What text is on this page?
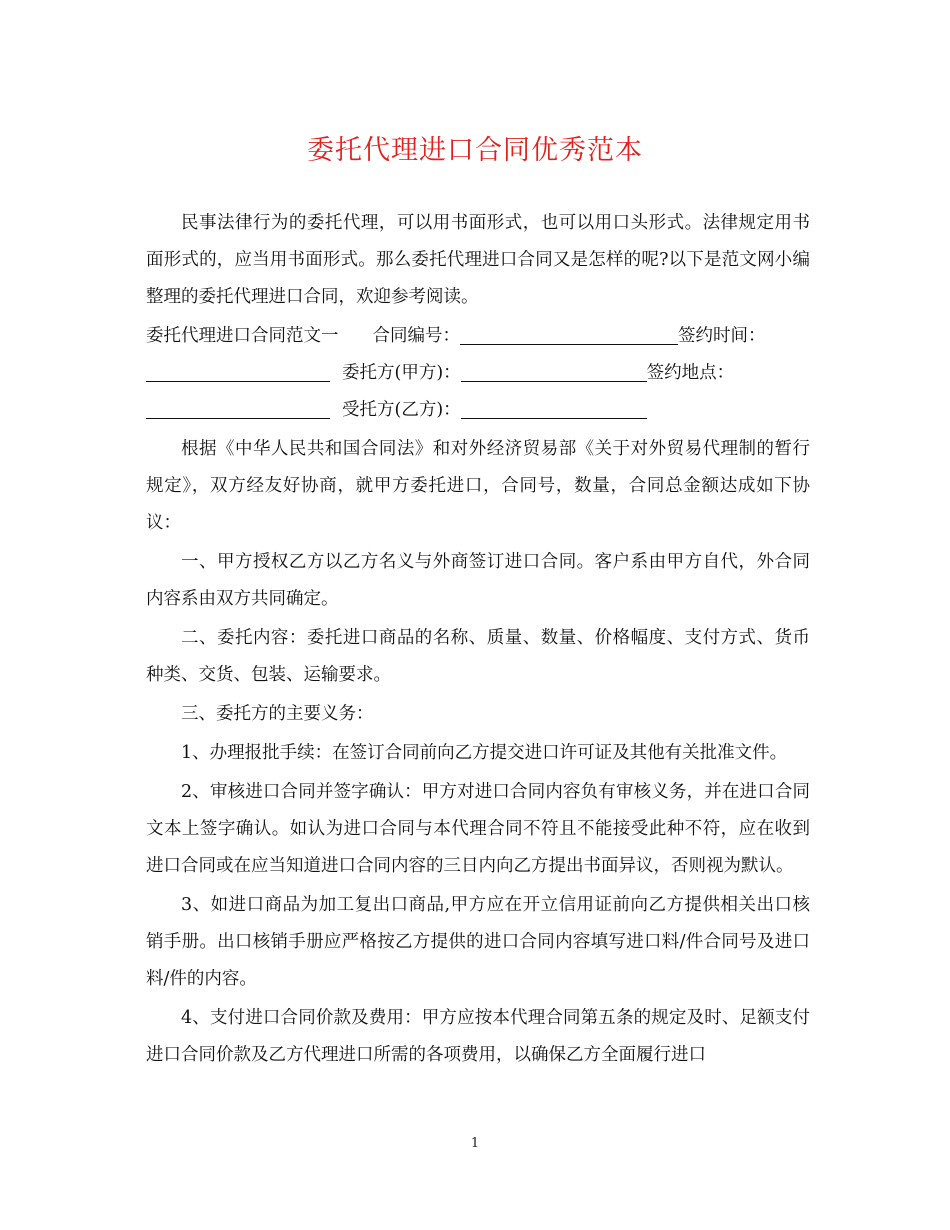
委托代理进口合同优秀范本

民事法律行为的委托代理，可以用书面形式，也可以用口头形式。法律规定用书面形式的，应当用书面形式。那么委托代理进口合同又是怎样的呢?以下是范文网小编整理的委托代理进口合同，欢迎参考阅读。

委托代理进口合同范文一 合同编号：	签约时间：
委托方(甲方)：	签约地点：
受托方(乙方)：

根据《中华人民共和国合同法》和对外经济贸易部《关于对外贸易代理制的暂行规定》，双方经友好协商，就甲方委托进口，合同号，数量，合同总金额达成如下协议：

一、甲方授权乙方以乙方名义与外商签订进口合同。客户系由甲方自代，外合同内容系由双方共同确定。

二、委托内容：委托进口商品的名称、质量、数量、价格幅度、支付方式、货币种类、交货、包装、运输要求。

三、委托方的主要义务：

1、办理报批手续：在签订合同前向乙方提交进口许可证及其他有关批准文件。

2、审核进口合同并签字确认：甲方对进口合同内容负有审核义务，并在进口合同文本上签字确认。如认为进口合同与本代理合同不符且不能接受此种不符，应在收到进口合同或在应当知道进口合同内容的三日内向乙方提出书面异议，否则视为默认。

3、如进口商品为加工复出口商品,甲方应在开立信用证前向乙方提供相关出口核销手册。出口核销手册应严格按乙方提供的进口合同内容填写进口料/件合同号及进口料/件的内容。

4、支付进口合同价款及费用：甲方应按本代理合同第五条的规定及时、足额支付进口合同价款及乙方代理进口所需的各项费用，以确保乙方全面履行进口

1
